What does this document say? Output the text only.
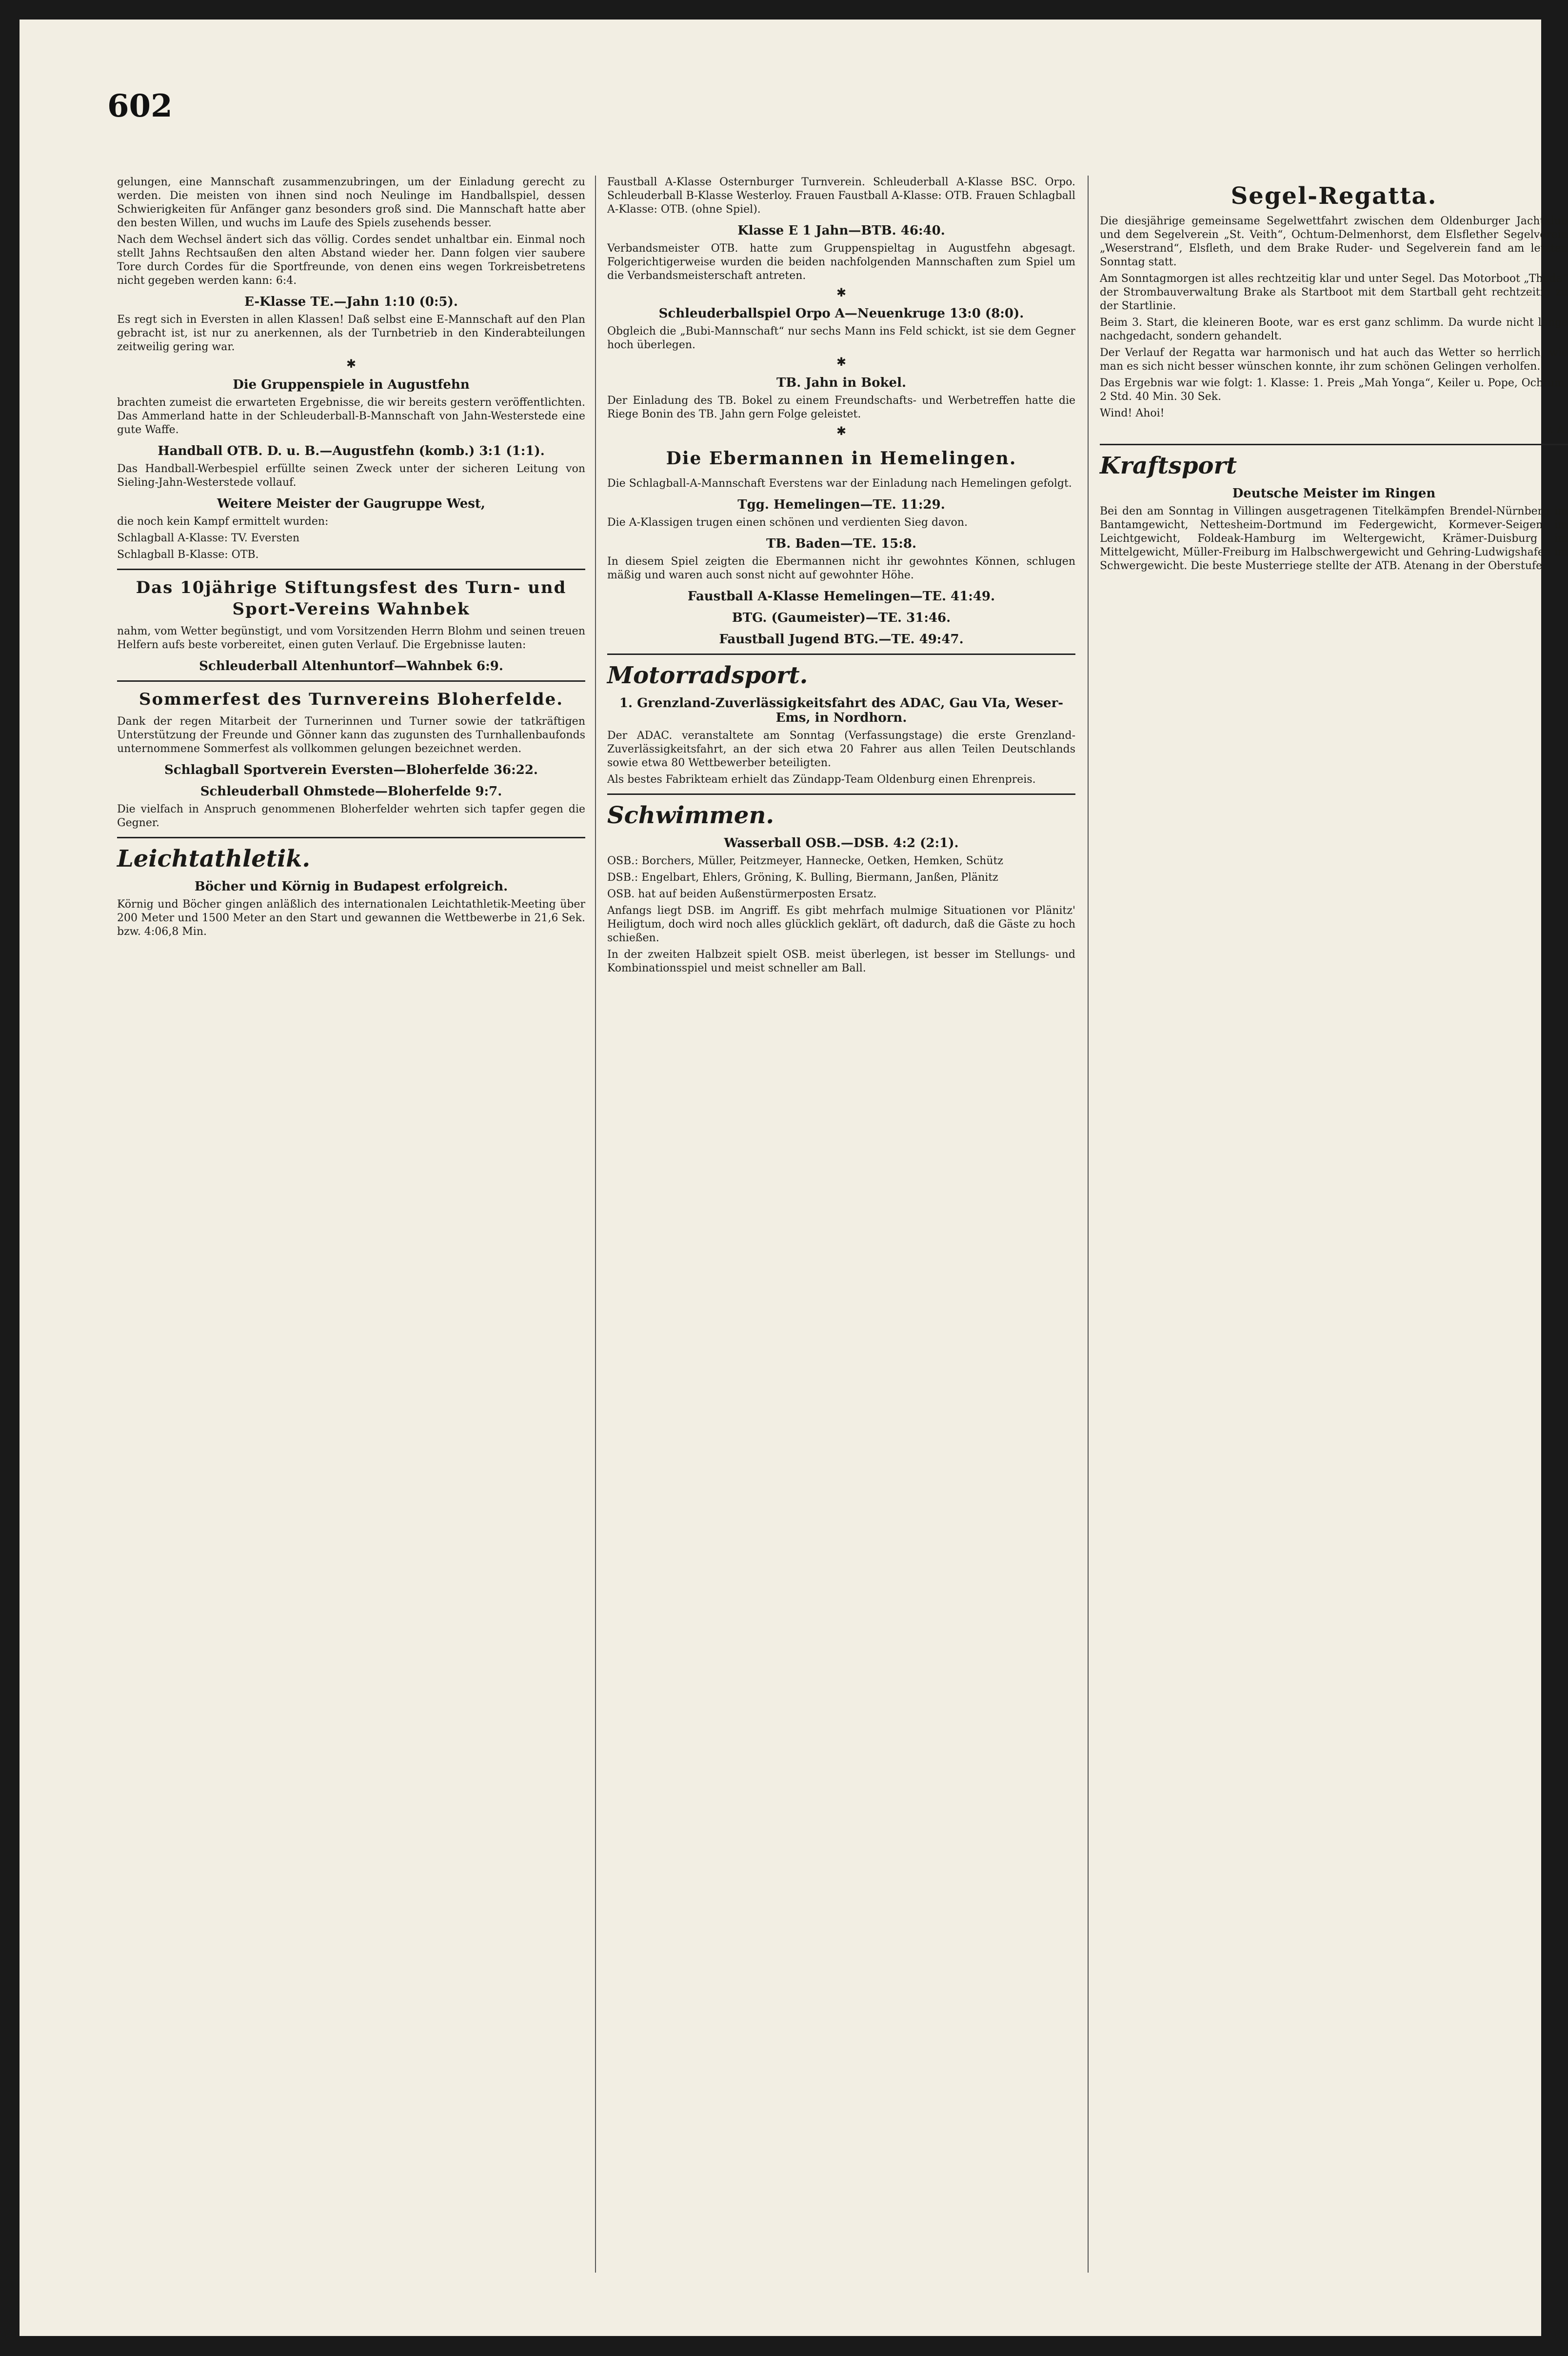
602

gelungen, eine Mannschaft zusammenzubringen, um der Einladung gerecht zu werden. Die meisten von ihnen sind noch Neulinge im Handballspiel, dessen Schwierigkeiten für Anfänger ganz besonders groß sind. Die Mannschaft hatte aber den besten Willen, und wuchs im Laufe des Spiels zusehends besser.

Nach dem Wechsel ändert sich das völlig. Cordes sendet unhaltbar ein. Einmal noch stellt Jahns Rechtsaußen den alten Abstand wieder her. Dann folgen vier saubere Tore durch Cordes für die Sportfreunde, von denen eins wegen Torkreisbetretens nicht gegeben werden kann: 6:4.

E-Klasse TE.—Jahn 1:10 (0:5).

Es regt sich in Eversten in allen Klassen! Daß selbst eine E-Mannschaft auf den Plan gebracht ist, ist nur zu anerkennen, als der Turnbetrieb in den Kinderabteilungen zeitweilig gering war.

✱
Die Gruppenspiele in Augustfehn

brachten zumeist die erwarteten Ergebnisse, die wir bereits gestern veröffentlichten. Das Ammerland hatte in der Schleuderball-B-Mannschaft von Jahn-Westerstede eine gute Waffe.

Handball OTB. D. u. B.—Augustfehn (komb.) 3:1 (1:1).

Das Handball-Werbespiel erfüllte seinen Zweck unter der sicheren Leitung von Sieling-Jahn-Westerstede vollauf.

Weitere Meister der Gaugruppe West,

die noch kein Kampf ermittelt wurden:

Schlagball A-Klasse: TV. Eversten

Schlagball B-Klasse: OTB.

Das 10jährige Stiftungsfest des Turn- und Sport-Vereins Wahnbek

nahm, vom Wetter begünstigt, und vom Vorsitzenden Herrn Blohm und seinen treuen Helfern aufs beste vorbereitet, einen guten Verlauf. Die Ergebnisse lauten:

Schleuderball Altenhuntorf—Wahnbek 6:9.
Sommerfest des Turnvereins Bloherfelde.

Dank der regen Mitarbeit der Turnerinnen und Turner sowie der tatkräftigen Unterstützung der Freunde und Gönner kann das zugunsten des Turnhallenbaufonds unternommene Sommerfest als vollkommen gelungen bezeichnet werden.

Schlagball Sportverein Eversten—Bloherfelde 36:22.
Schleuderball Ohmstede—Bloherfelde 9:7.

Die vielfach in Anspruch genommenen Bloherfelder wehrten sich tapfer gegen die Gegner.

Leichtathletik.
Böcher und Körnig in Budapest erfolgreich.

Körnig und Böcher gingen anläßlich des internationalen Leichtathletik-Meeting über 200 Meter und 1500 Meter an den Start und gewannen die Wettbewerbe in 21,6 Sek. bzw. 4:06,8 Min.

Faustball A-Klasse Osternburger Turnverein. Schleuderball A-Klasse BSC. Orpo. Schleuderball B-Klasse Westerloy. Frauen Faustball A-Klasse: OTB. Frauen Schlagball A-Klasse: OTB. (ohne Spiel).

Klasse E 1 Jahn—BTB. 46:40.

Verbandsmeister OTB. hatte zum Gruppenspieltag in Augustfehn abgesagt. Folgerichtigerweise wurden die beiden nachfolgenden Mannschaften zum Spiel um die Verbandsmeisterschaft antreten.

✱
Schleuderballspiel Orpo A—Neuenkruge 13:0 (8:0).

Obgleich die „Bubi-Mannschaft“ nur sechs Mann ins Feld schickt, ist sie dem Gegner hoch überlegen.

✱
TB. Jahn in Bokel.

Der Einladung des TB. Bokel zu einem Freundschafts- und Werbetreffen hatte die Riege Bonin des TB. Jahn gern Folge geleistet.

✱
Die Ebermannen in Hemelingen.

Die Schlagball-A-Mannschaft Everstens war der Einladung nach Hemelingen gefolgt.

Tgg. Hemelingen—TE. 11:29.

Die A-Klassigen trugen einen schönen und verdienten Sieg davon.

TB. Baden—TE. 15:8.

In diesem Spiel zeigten die Ebermannen nicht ihr gewohntes Können, schlugen mäßig und waren auch sonst nicht auf gewohnter Höhe.

Faustball A-Klasse Hemelingen—TE. 41:49.
BTG. (Gaumeister)—TE. 31:46.
Faustball Jugend BTG.—TE. 49:47.
Motorradsport.
1. Grenzland-Zuverlässigkeitsfahrt des ADAC, Gau VIa, Weser-Ems, in Nordhorn.

Der ADAC. veranstaltete am Sonntag (Verfassungstage) die erste Grenzland-Zuverlässigkeitsfahrt, an der sich etwa 20 Fahrer aus allen Teilen Deutschlands sowie etwa 80 Wettbewerber beteiligten.

Als bestes Fabrikteam erhielt das Zündapp-Team Oldenburg einen Ehrenpreis.

Schwimmen.
Wasserball OSB.—DSB. 4:2 (2:1).

OSB.: Borchers, Müller, Peitzmeyer, Hannecke, Oetken, Hemken, Schütz

DSB.: Engelbart, Ehlers, Gröning, K. Bulling, Biermann, Janßen, Plänitz

OSB. hat auf beiden Außenstürmerposten Ersatz.

Anfangs liegt DSB. im Angriff. Es gibt mehrfach mulmige Situationen vor Plänitz' Heiligtum, doch wird noch alles glücklich geklärt, oft dadurch, daß die Gäste zu hoch schießen.

In der zweiten Halbzeit spielt OSB. meist überlegen, ist besser im Stellungs- und Kombinationsspiel und meist schneller am Ball.

Segel-Regatta.

Die diesjährige gemeinsame Segelwettfahrt zwischen dem Oldenburger Jachtklub und dem Segelverein „St. Veith“, Ochtum-Delmenhorst, dem Elsflether Segelverein „Weserstrand“, Elsfleth, und dem Brake Ruder- und Segelverein fand am letzten Sonntag statt.

Am Sonntagmorgen ist alles rechtzeitig klar und unter Segel. Das Motorboot „Theda“ der Strombauverwaltung Brake als Startboot mit dem Startball geht rechtzeitig zu der Startlinie.

Beim 3. Start, die kleineren Boote, war es erst ganz schlimm. Da wurde nicht lange nachgedacht, sondern gehandelt.

Der Verlauf der Regatta war harmonisch und hat auch das Wetter so herrlich, wie man es sich nicht besser wünschen konnte, ihr zum schönen Gelingen verholfen.

Das Ergebnis war wie folgt: 1. Klasse: 1. Preis „Mah Yonga“, Keiler u. Pope, Ochtum, 2 Std. 40 Min. 30 Sek.

Wind! Ahoi!

v. A.

Kraftsport
Deutsche Meister im Ringen

Bei den am Sonntag in Villingen ausgetragenen Titelkämpfen Brendel-Nürnberg im Bantamgewicht, Nettesheim-Dortmund im Federgewicht, Kormever-Seigen im Leichtgewicht, Foldeak-Hamburg im Weltergewicht, Krämer-Duisburg im Mittelgewicht, Müller-Freiburg im Halbschwergewicht und Gehring-Ludwigshafen im Schwergewicht. Die beste Musterriege stellte der ATB. Atenang in der Oberstufe.
